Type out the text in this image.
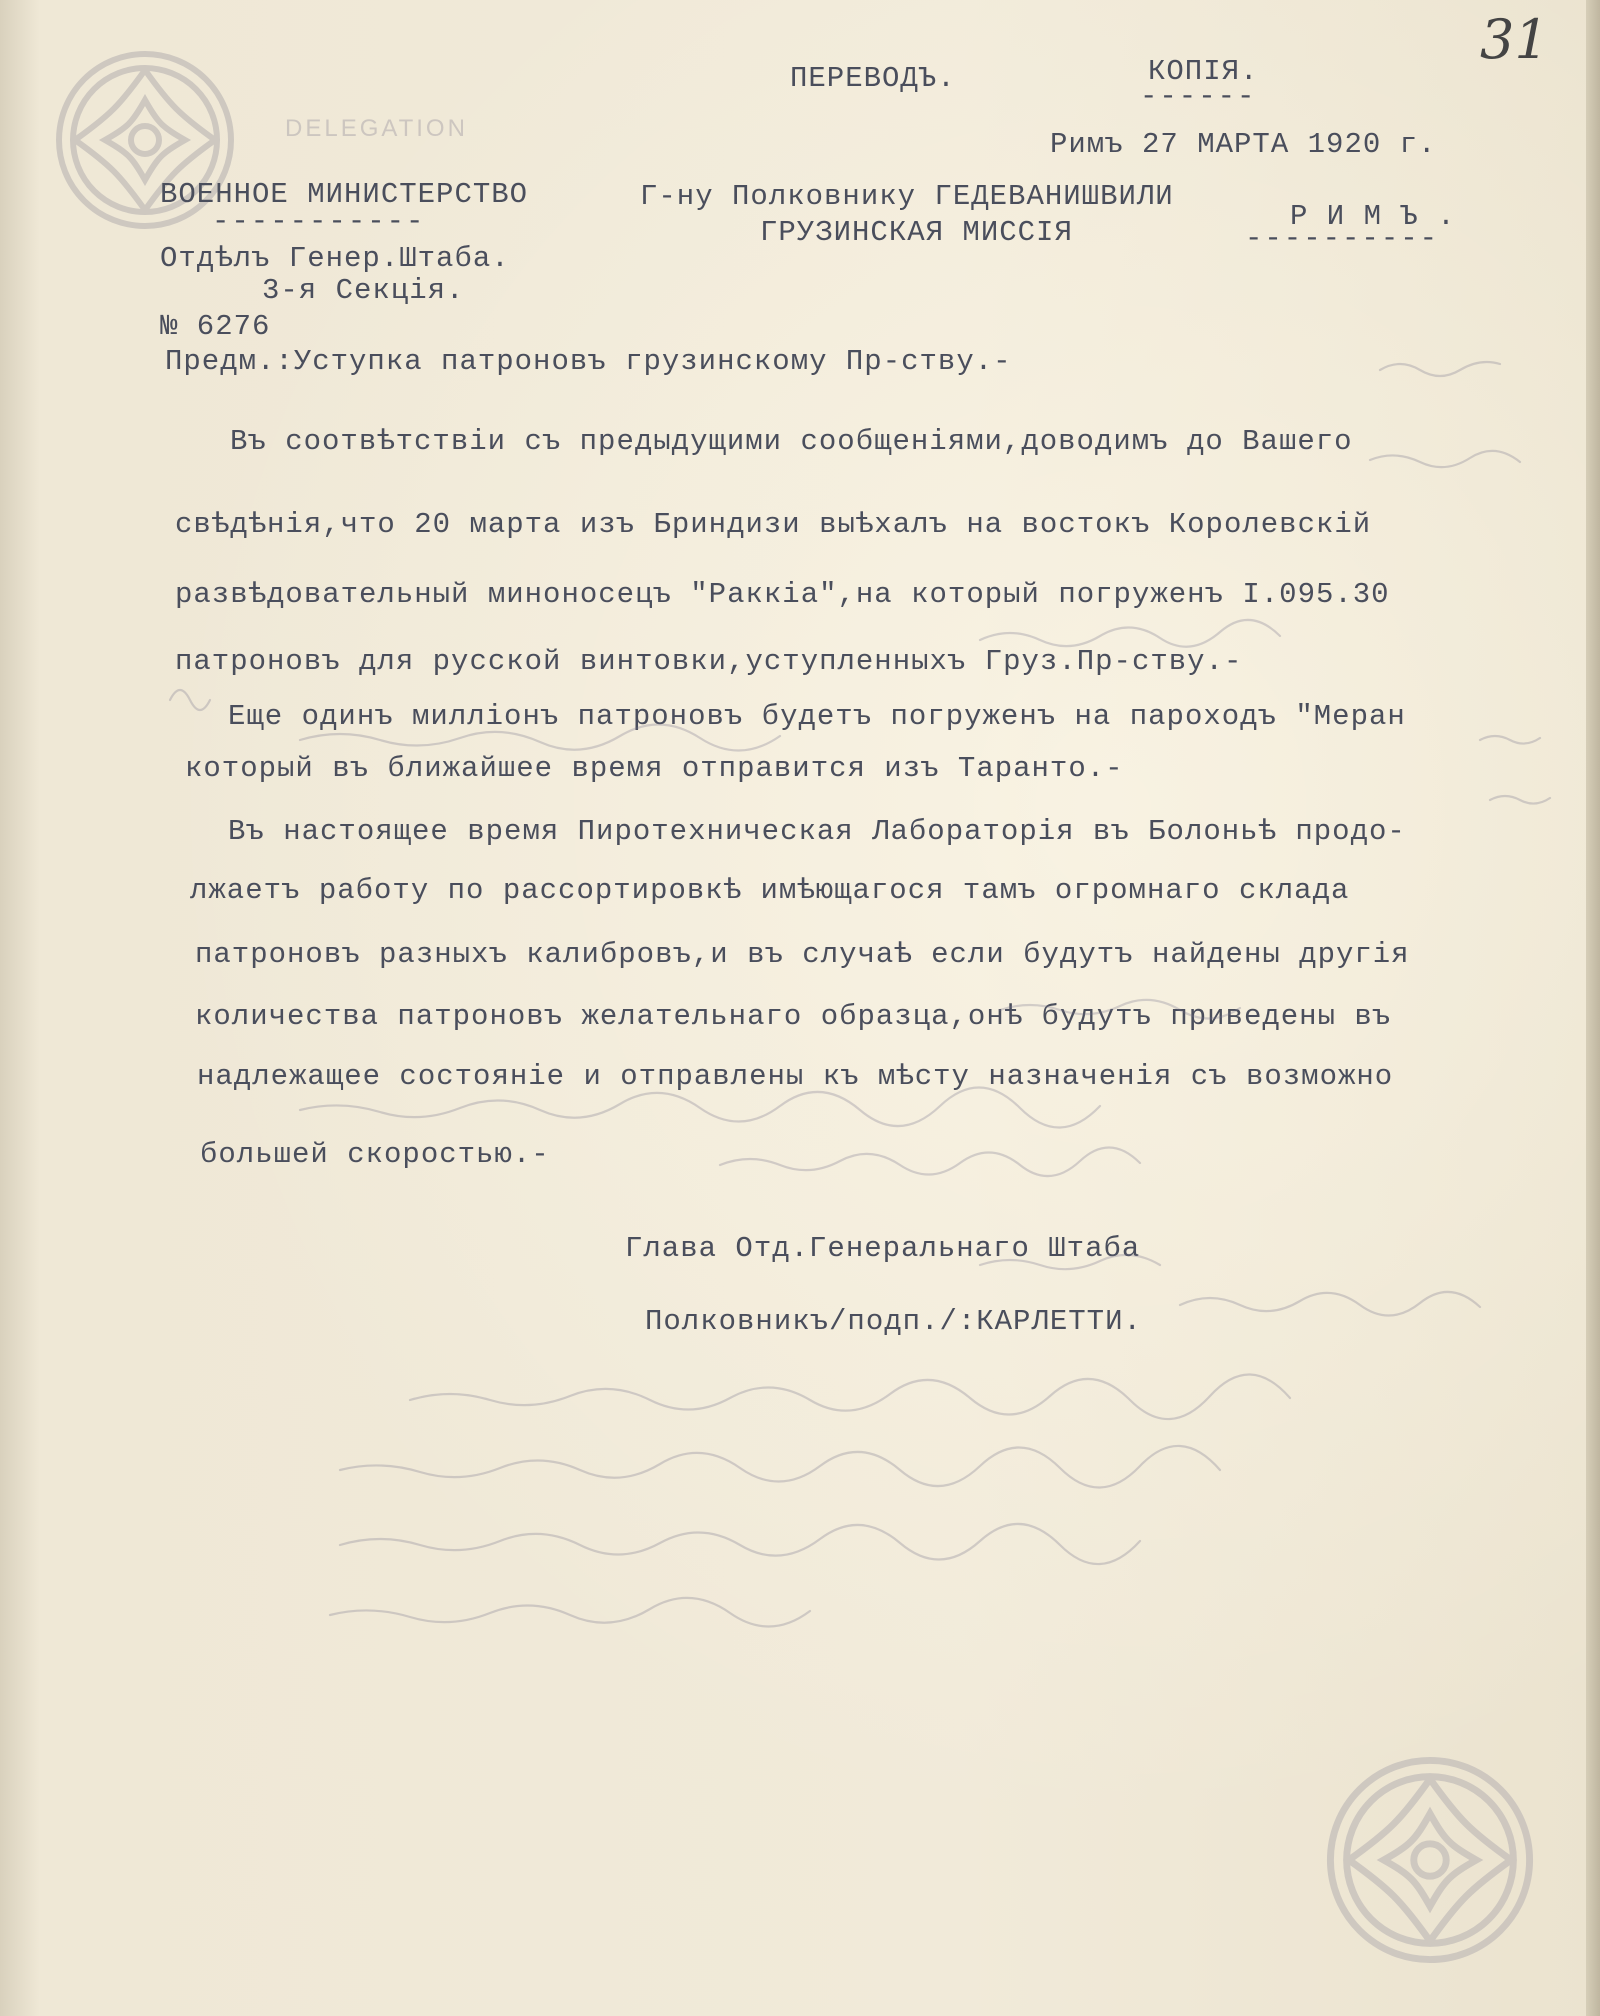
DELEGATION
ПЕРЕВОДЪ.	КОПІЯ.
------
31
Римъ 27 МАРТА 1920 г.
ВОЕННОЕ МИНИСТЕРСТВО
-----------
Отдѣлъ Генер.Штаба.
3-я Секція.
№ 6276
Г-ну Полковнику ГЕДЕВАНИШВИЛИ
ГРУЗИНСКАЯ МИССІЯ	Р И М Ъ .
----------
Предм.:Уступка патроновъ грузинскому Пр-ству.-
Въ соотвѣтствіи съ предыдущими сообщеніями,доводимъ до Вашего
свѣдѣнія,что 20 марта изъ Бриндизи выѣхалъ на востокъ Королевскій
развѣдовательный миноносецъ "Раккіа",на который погруженъ I.095.30
патроновъ для русской винтовки,уступленныхъ Груз.Пр-ству.-
Еще одинъ милліонъ патроновъ будетъ погруженъ на пароходъ "Меран
который въ ближайшее время отправится изъ Таранто.-
Въ настоящее время Пиротехническая Лабораторія въ Болоньѣ продо-
лжаетъ работу по рассортировкѣ имѣющагося тамъ огромнаго склада
патроновъ разныхъ калибровъ,и въ случаѣ если будутъ найдены другія
количества патроновъ желательнаго образца,онѣ будутъ приведены въ
надлежащее состояніе и отправлены къ мѣсту назначенія съ возможно
большей скоростью.-
Глава Отд.Генеральнаго Штаба
Полковникъ/подп./:КАРЛЕТТИ.
